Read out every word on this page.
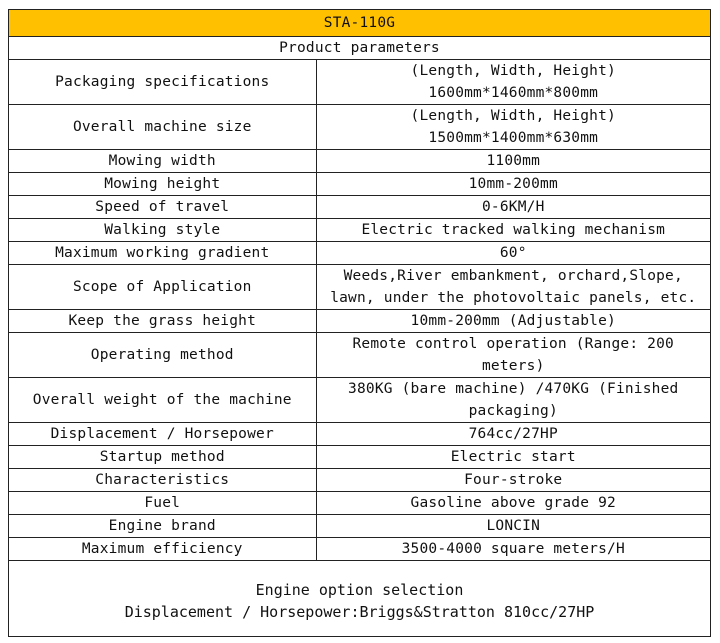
STA-110G	
Product parameters	
Packaging specifications	(Length, Width, Height)
1600mm*1460mm*800mm

Overall machine size	(Length, Width, Height)
1500mm*1400mm*630mm

Mowing width	1100mm

Mowing height	10mm-200mm

Speed of travel	0-6KM/H

Walking style	Electric tracked walking mechanism

Maximum working gradient	60°

Scope of Application	Weeds,River embankment, orchard,Slope,
lawn, under the photovoltaic panels, etc.

Keep the grass height	10mm-200mm (Adjustable)

Operating method	Remote control operation (Range: 200
meters)

Overall weight of the machine	380KG (bare machine) /470KG (Finished
packaging)

Displacement / Horsepower	764cc/27HP

Startup method	Electric start

Characteristics	Four-stroke

Fuel	Gasoline above grade 92

Engine brand	LONCIN

Maximum efficiency	3500-4000 square meters/H
Engine option selection
Displacement / Horsepower:Briggs&Stratton 810cc/27HP
